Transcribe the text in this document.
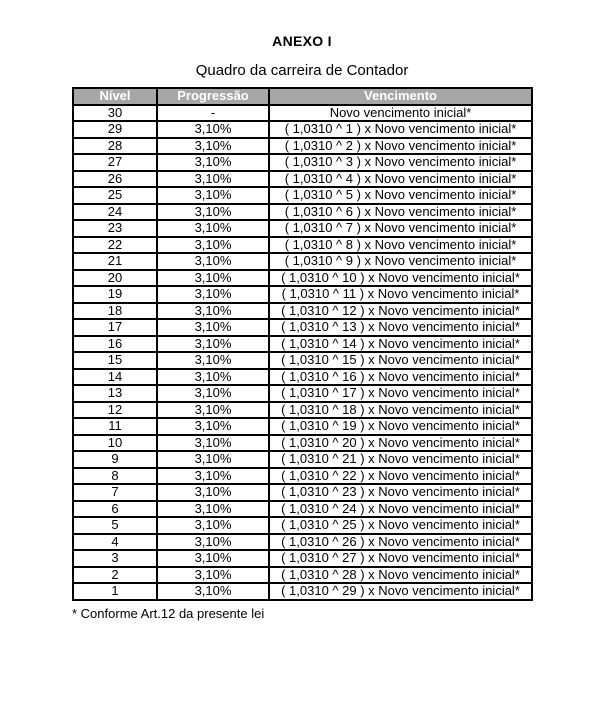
ANEXO I
Quadro da carreira de Contador
Nível	Progressão	Vencimento
30	-	Novo vencimento inicial*
29	3,10%	( 1,0310 ^ 1 ) x Novo vencimento inicial*
28	3,10%	( 1,0310 ^ 2 ) x Novo vencimento inicial*
27	3,10%	( 1,0310 ^ 3 ) x Novo vencimento inicial*
26	3,10%	( 1,0310 ^ 4 ) x Novo vencimento inicial*
25	3,10%	( 1,0310 ^ 5 ) x Novo vencimento inicial*
24	3,10%	( 1,0310 ^ 6 ) x Novo vencimento inicial*
23	3,10%	( 1,0310 ^ 7 ) x Novo vencimento inicial*
22	3,10%	( 1,0310 ^ 8 ) x Novo vencimento inicial*
21	3,10%	( 1,0310 ^ 9 ) x Novo vencimento inicial*
20	3,10%	( 1,0310 ^ 10 ) x Novo vencimento inicial*
19	3,10%	( 1,0310 ^ 11 ) x Novo vencimento inicial*
18	3,10%	( 1,0310 ^ 12 ) x Novo vencimento inicial*
17	3,10%	( 1,0310 ^ 13 ) x Novo vencimento inicial*
16	3,10%	( 1,0310 ^ 14 ) x Novo vencimento inicial*
15	3,10%	( 1,0310 ^ 15 ) x Novo vencimento inicial*
14	3,10%	( 1,0310 ^ 16 ) x Novo vencimento inicial*
13	3,10%	( 1,0310 ^ 17 ) x Novo vencimento inicial*
12	3,10%	( 1,0310 ^ 18 ) x Novo vencimento inicial*
11	3,10%	( 1,0310 ^ 19 ) x Novo vencimento inicial*
10	3,10%	( 1,0310 ^ 20 ) x Novo vencimento inicial*
9	3,10%	( 1,0310 ^ 21 ) x Novo vencimento inicial*
8	3,10%	( 1,0310 ^ 22 ) x Novo vencimento inicial*
7	3,10%	( 1,0310 ^ 23 ) x Novo vencimento inicial*
6	3,10%	( 1,0310 ^ 24 ) x Novo vencimento inicial*
5	3,10%	( 1,0310 ^ 25 ) x Novo vencimento inicial*
4	3,10%	( 1,0310 ^ 26 ) x Novo vencimento inicial*
3	3,10%	( 1,0310 ^ 27 ) x Novo vencimento inicial*
2	3,10%	( 1,0310 ^ 28 ) x Novo vencimento inicial*
1	3,10%	( 1,0310 ^ 29 ) x Novo vencimento inicial*
* Conforme Art.12 da presente lei
